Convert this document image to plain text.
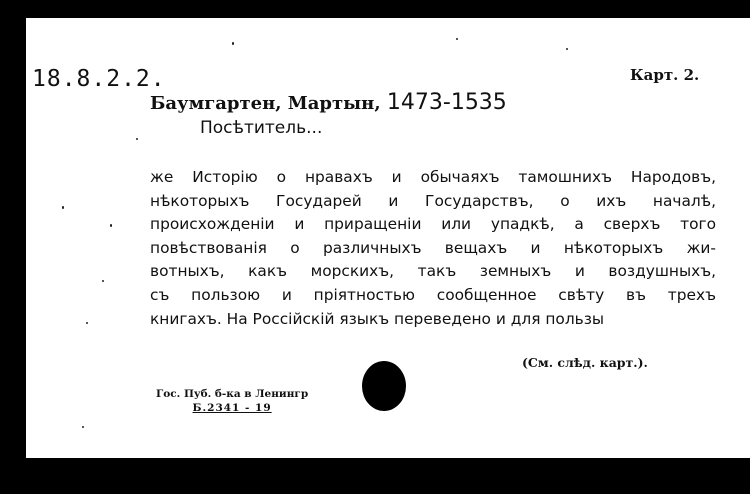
18.8.2.2.	Карт. 2.
Баумгартен, Мартын, 1473-1535
Посѣтитель...
же Исторію о нравахъ и обычаяхъ тамошнихъ Народовъ,
нѣкоторыхъ Государей и Государствъ, о ихъ началѣ,
происхожденіи и приращеніи или упадкѣ, а сверхъ того
повѣствованія о различныхъ вещахъ и нѣкоторыхъ жи-
вотныхъ, какъ морскихъ, такъ земныхъ и воздушныхъ,
съ пользою и пріятностью сообщенное свѣту въ трехъ
книгахъ. На Россійскій языкъ переведено и для пользы
(См. слѣд. карт.).
Гос. Пуб. б-ка в Ленингр
Б.2341 - 19
